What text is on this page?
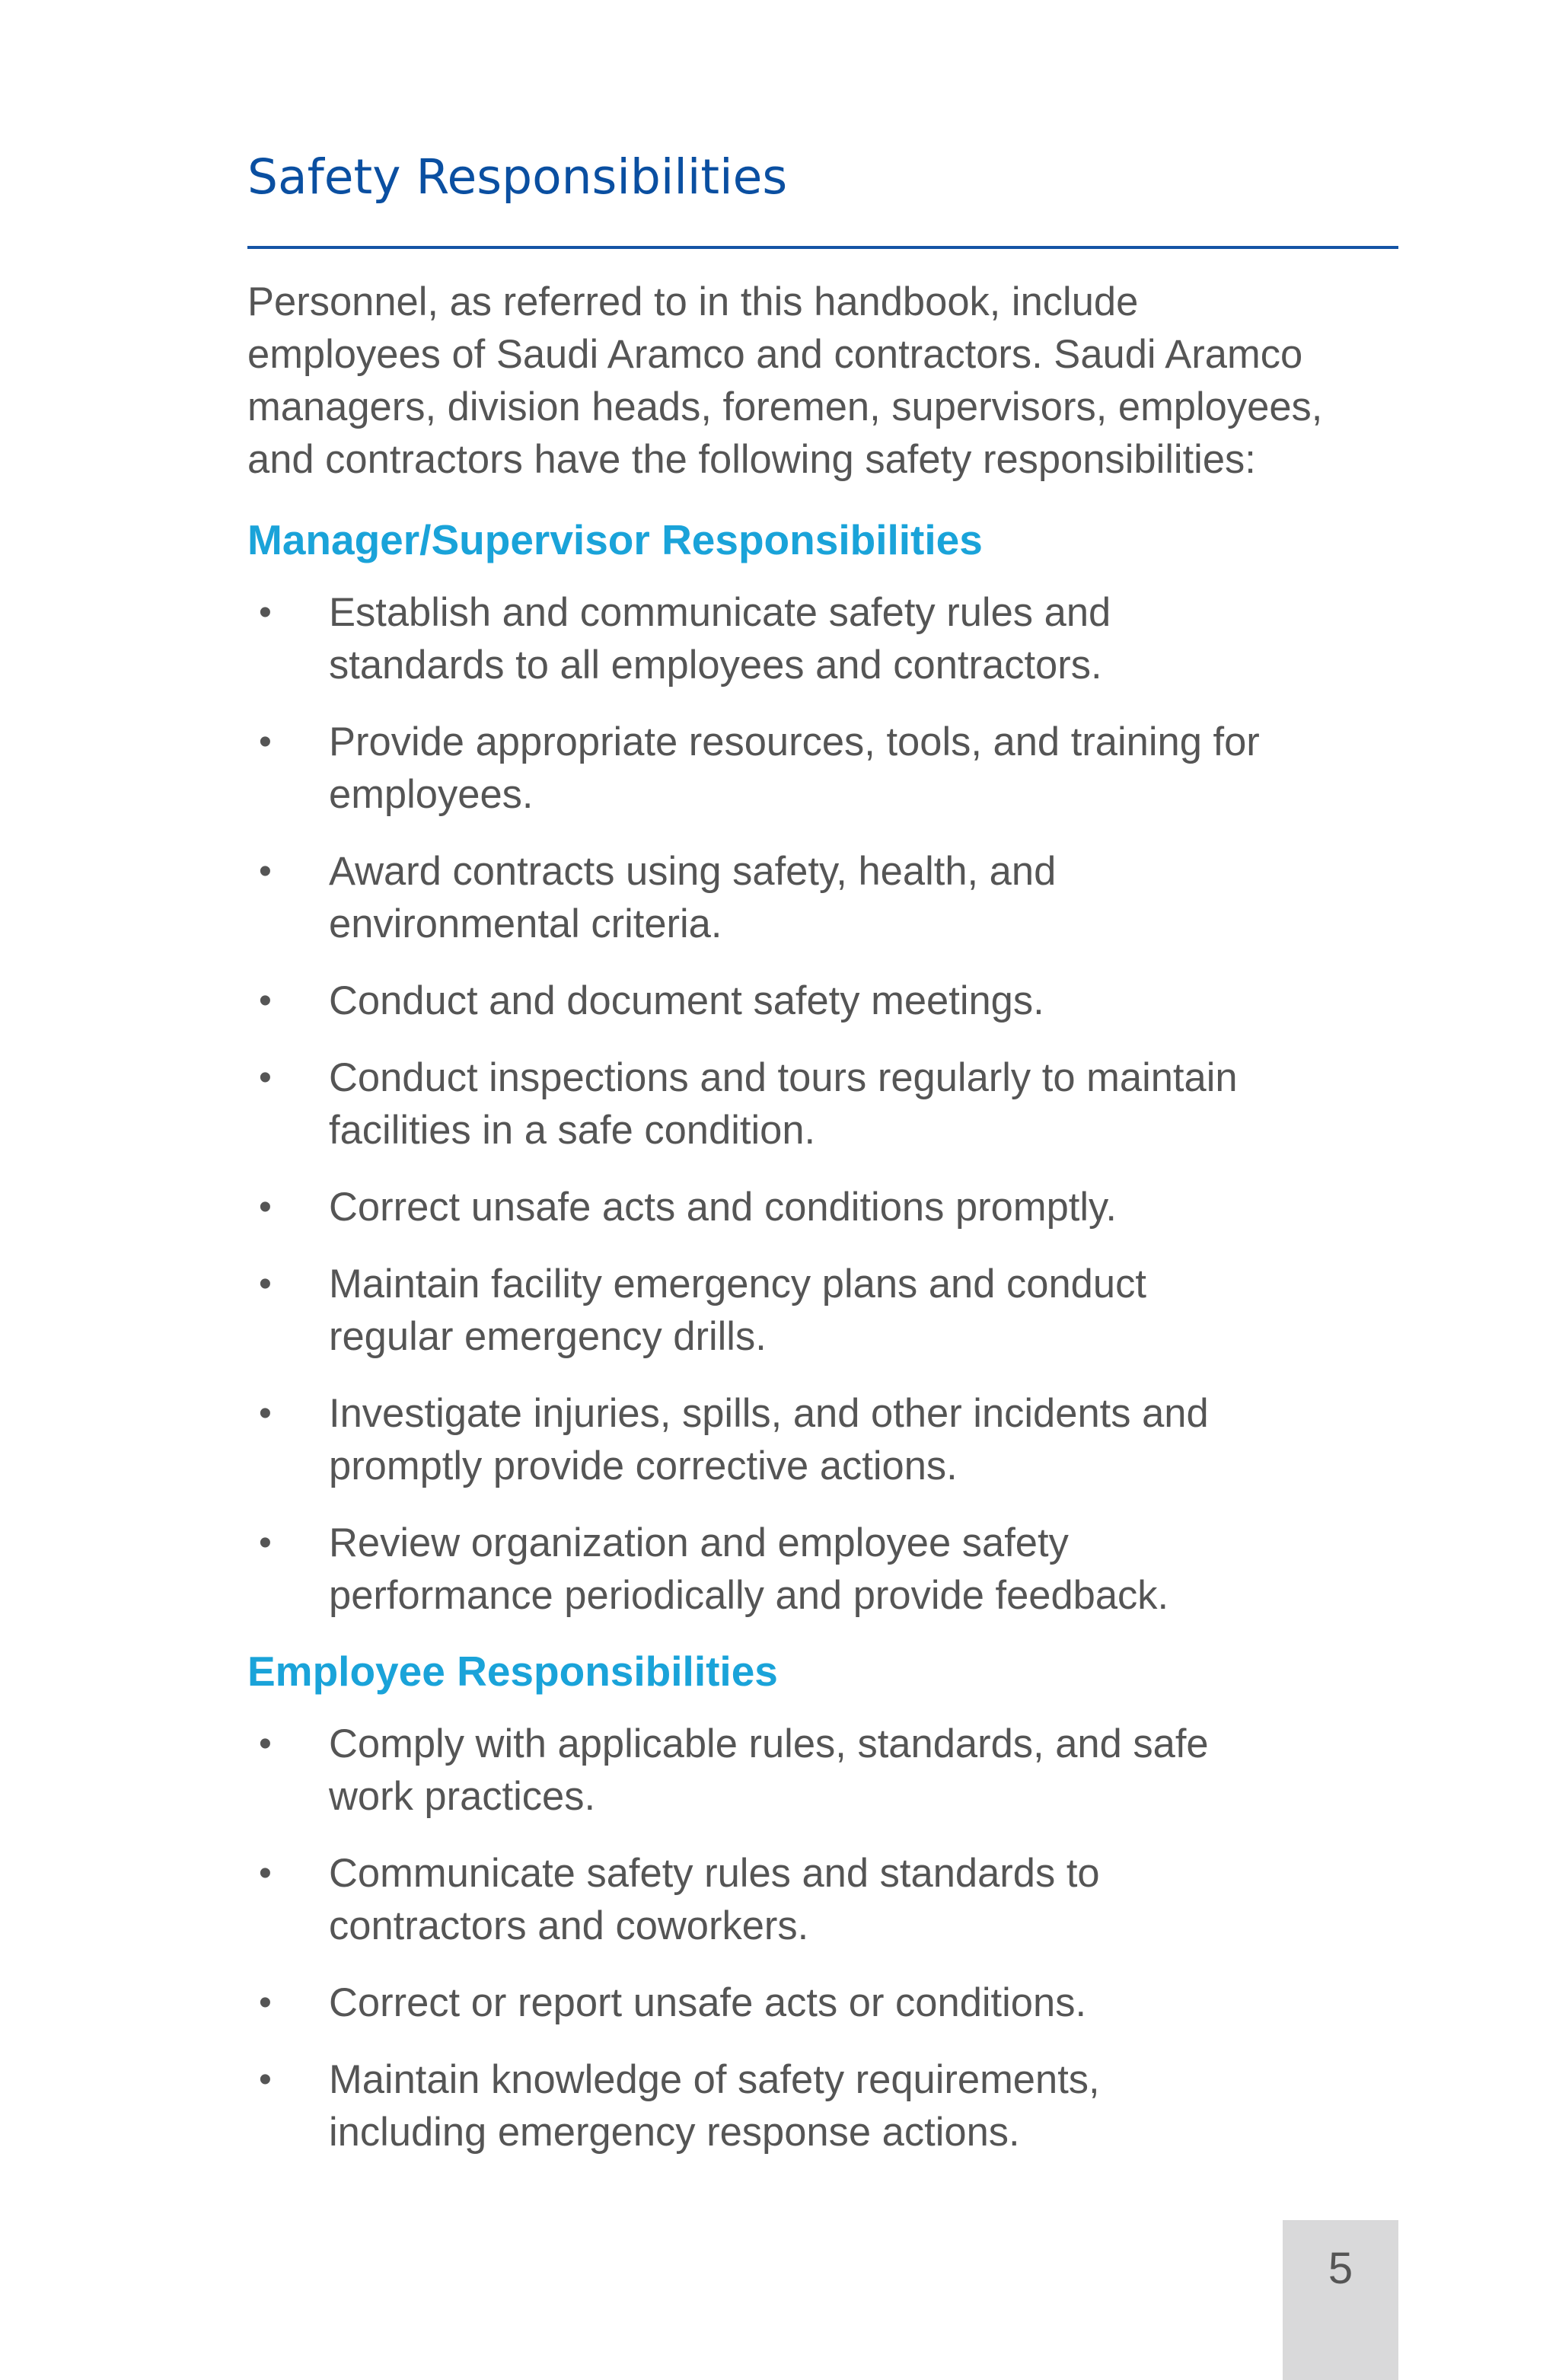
Safety Responsibilities

Personnel, as referred to in this handbook, include
employees of Saudi Aramco and contractors. Saudi Aramco
managers, division heads, foremen, supervisors, employees,
and contractors have the following safety responsibilities:

Manager/Supervisor Responsibilities
• Establish and communicate safety rules and
standards to all employees and contractors.
• Provide appropriate resources, tools, and training for
employees.
• Award contracts using safety, health, and
environmental criteria.
• Conduct and document safety meetings.
• Conduct inspections and tours regularly to maintain
facilities in a safe condition.
• Correct unsafe acts and conditions promptly.
• Maintain facility emergency plans and conduct
regular emergency drills.
• Investigate injuries, spills, and other incidents and
promptly provide corrective actions.
• Review organization and employee safety
performance periodically and provide feedback.
Employee Responsibilities
• Comply with applicable rules, standards, and safe
work practices.
• Communicate safety rules and standards to
contractors and coworkers.
• Correct or report unsafe acts or conditions.
• Maintain knowledge of safety requirements,
including emergency response actions.
5
